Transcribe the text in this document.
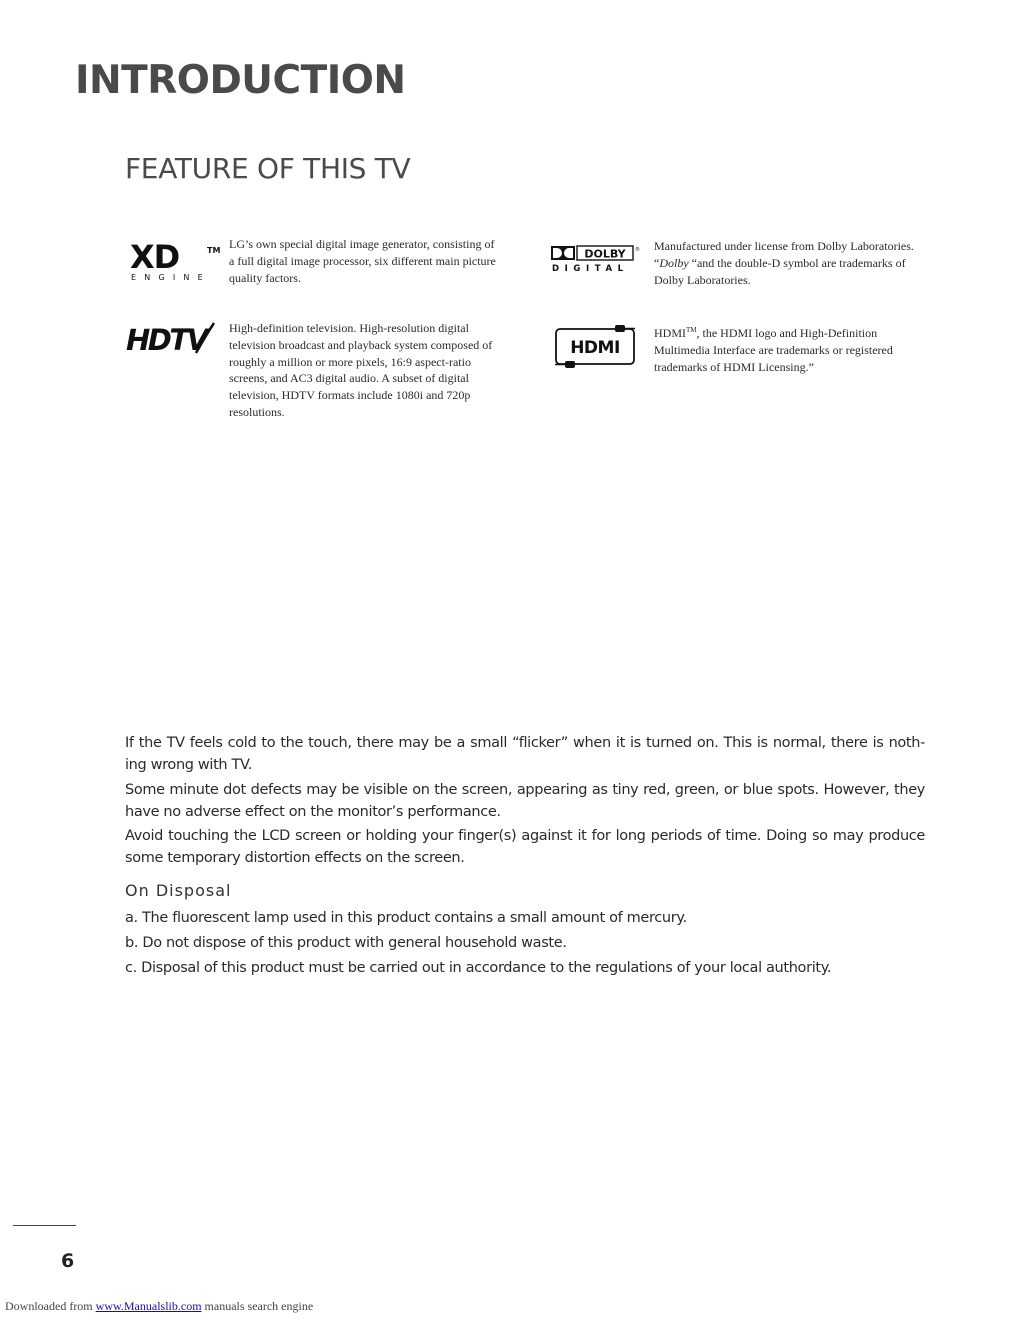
INTRODUCTION
FEATURE OF THIS TV
XD	TM
ENGINE

LG’s own special digital image generator, consisting of a full digital image processor, six different main picture quality factors.

DOLBY ®
DIGITAL

Manufactured under license from Dolby Laboratories. “Dolby “and the double-D symbol are trademarks of Dolby Laboratories.

HDTV	High-definition television. High-resolution digital television broadcast and playback system composed of roughly a million or more pixels, 16:9 aspect-ratio screens, and AC3 digital audio. A subset of digital television, HDTV formats include 1080i and 720p resolutions.

HDMI

HDMI™, the HDMI logo and High-Definition Multimedia Interface are trademarks or registered trademarks of HDMI Licensing.”

If the TV feels cold to the touch, there may be a small “flicker” when it is turned on. This is normal, there is noth-ing wrong with TV.

Some minute dot defects may be visible on the screen, appearing as tiny red, green, or blue spots. However, they have no adverse effect on the monitor’s performance.

Avoid touching the LCD screen or holding your finger(s) against it for long periods of time. Doing so may produce some temporary distortion effects on the screen.

On Disposal

a. The fluorescent lamp used in this product contains a small amount of mercury.

b. Do not dispose of this product with general household waste.

c. Disposal of this product must be carried out in accordance to the regulations of your local authority.

6

Downloaded from www.Manualslib.com manuals search engine
